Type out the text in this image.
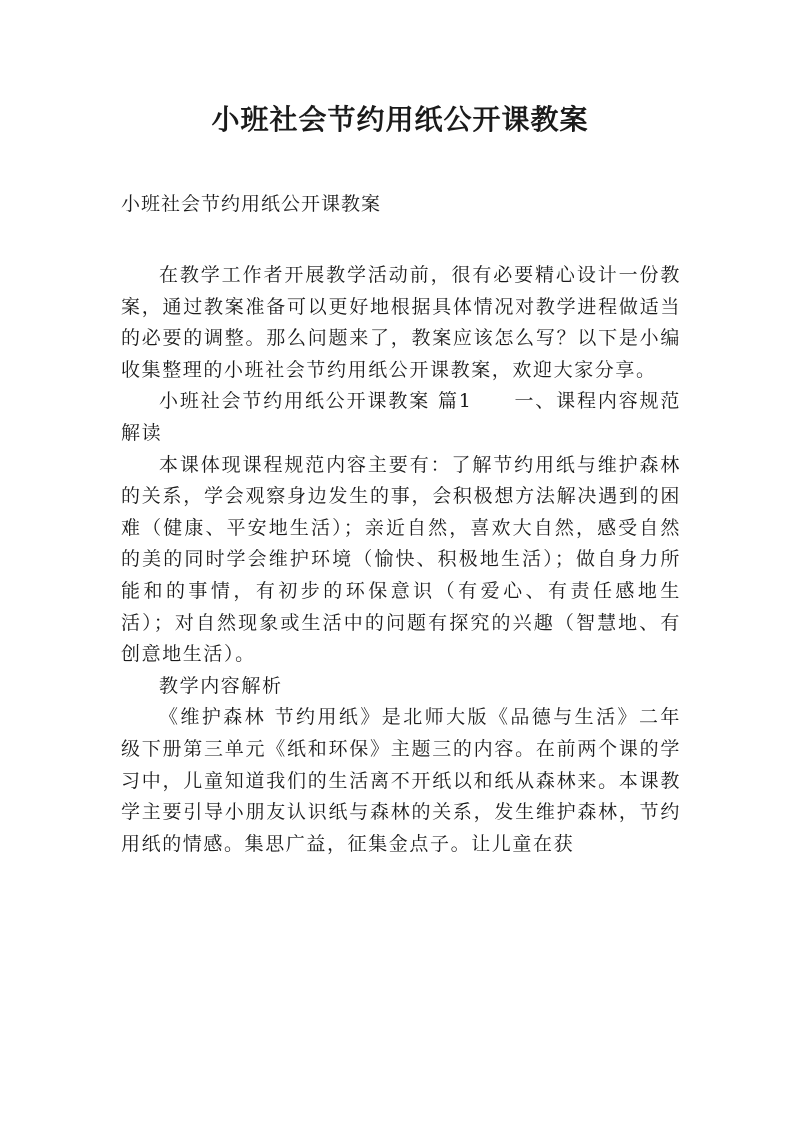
小班社会节约用纸公开课教案
小班社会节约用纸公开课教案

在教学工作者开展教学活动前，很有必要精心设计一份教案，通过教案准备可以更好地根据具体情况对教学进程做适当的必要的调整。那么问题来了，教案应该怎么写？以下是小编收集整理的小班社会节约用纸公开课教案，欢迎大家分享。

小班社会节约用纸公开课教案 篇1　　一、课程内容规范解读

本课体现课程规范内容主要有：了解节约用纸与维护森林的关系，学会观察身边发生的事，会积极想方法解决遇到的困难（健康、平安地生活）；亲近自然，喜欢大自然，感受自然的美的同时学会维护环境（愉快、积极地生活）；做自身力所能和的事情，有初步的环保意识（有爱心、有责任感地生活）；对自然现象或生活中的问题有探究的兴趣（智慧地、有创意地生活）。

教学内容解析

《维护森林 节约用纸》是北师大版《品德与生活》二年级下册第三单元《纸和环保》主题三的内容。在前两个课的学习中，儿童知道我们的生活离不开纸以和纸从森林来。本课教学主要引导小朋友认识纸与森林的关系，发生维护森林，节约用纸的情感。集思广益，征集金点子。让儿童在获
